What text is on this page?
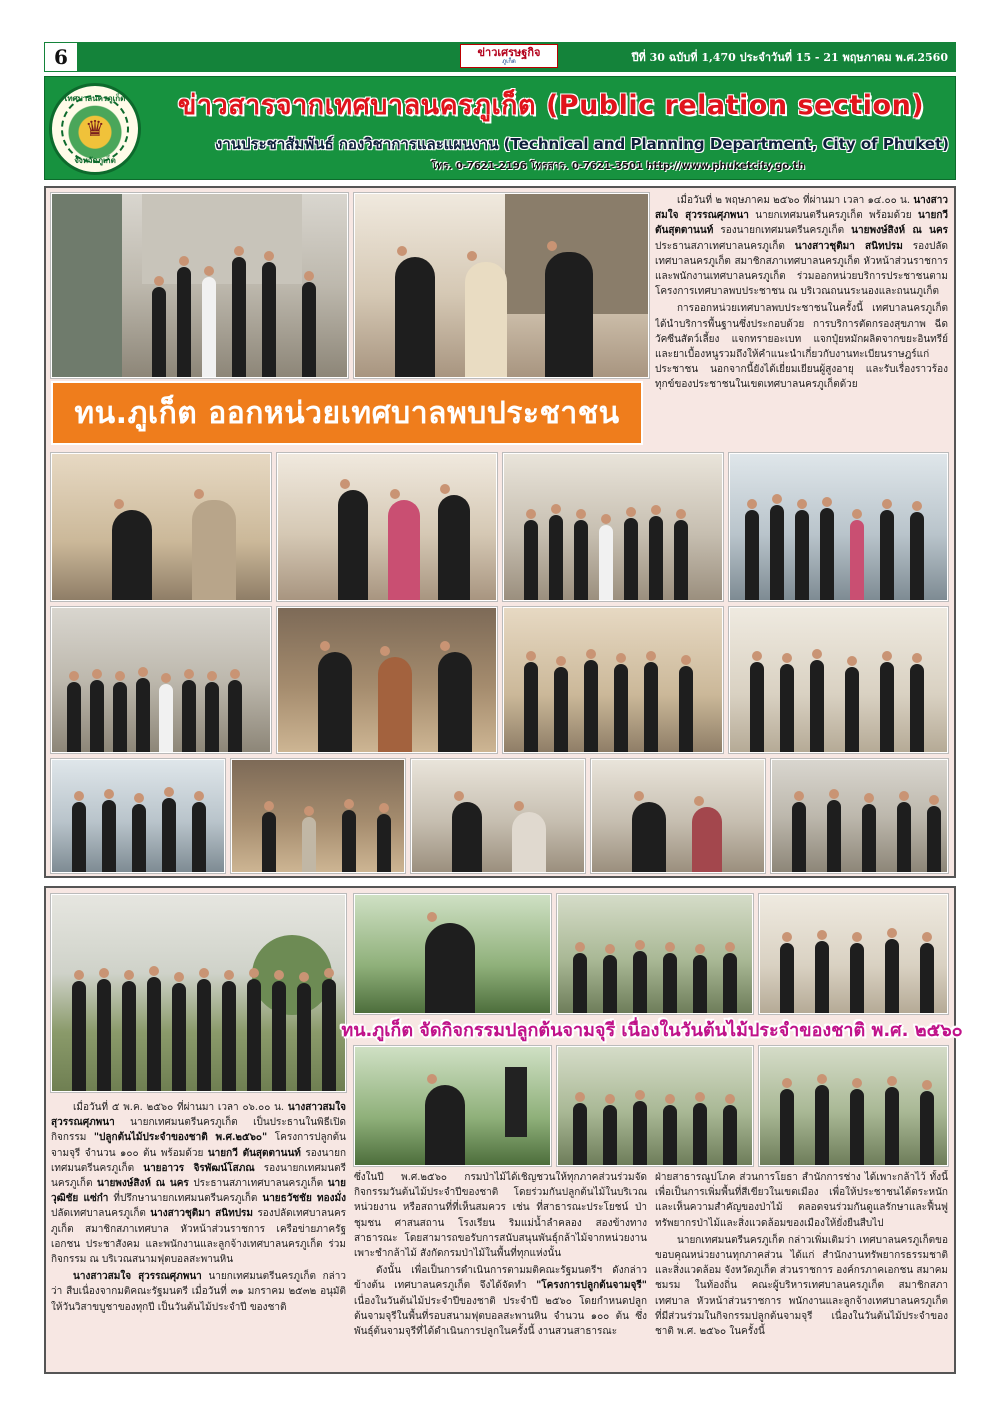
6	ข่าวเศรษฐกิจ
ภูเก็ต	ปีที่ 30 ฉบับที่ 1,470 ประจำวันที่ 15 - 21 พฤษภาคม พ.ศ.2560
เทศบาลนครภูเก็ต
♛
จังหวัดภูเก็ต
ข่าวสารจากเทศบาลนครภูเก็ต (Public relation section)
งานประชาสัมพันธ์ กองวิชาการและแผนงาน (Technical and Planning Department, City of Phuket)
โทร. 0-7621-2196 โทรสาร. 0-7621-3501 http://www.phuketcity.go.th

เมื่อวันที่ ๒ พฤษภาคม ๒๕๖๐ ที่ผ่านมา เวลา ๑๔.๐๐ น. นางสาวสมใจ สุวรรณศุภพนา นายกเทศมนตรีนครภูเก็ต พร้อมด้วย นายกวี ตันสุตตานนท์ รองนายกเทศมนตรีนครภูเก็ต นายพงษ์สิงห์ ณ นคร ประธานสภาเทศบาลนครภูเก็ต นางสาวชุติมา สนิทปรม รองปลัดเทศบาลนครภูเก็ต สมาชิกสภาเทศบาลนครภูเก็ต หัวหน้าส่วนราชการและพนักงานเทศบาลนครภูเก็ต ร่วมออกหน่วยบริการประชาชนตามโครงการเทศบาลพบประชาชน ณ บริเวณถนนระนองและถนนภูเก็ต

การออกหน่วยเทศบาลพบประชาชนในครั้งนี้ เทศบาลนครภูเก็ตได้นำบริการพื้นฐานซึ่งประกอบด้วย การบริการตัดกรองสุขภาพ ฉีดวัคซีนสัตว์เลี้ยง แจกทรายอะเบท แจกปุ๋ยหมักผลิตจากขยะอินทรีย์ และยาเบื้องหนูรวมถึงให้คำแนะนำเกี่ยวกับงานทะเบียนราษฎร์แก่ประชาชน นอกจากนี้ยังได้เยี่ยมเยียนผู้สูงอายุ และรับเรื่องราวร้องทุกข์ของประชาชนในเขตเทศบาลนครภูเก็ตด้วย

ทน.ภูเก็ต ออกหน่วยเทศบาลพบประชาชน
ทน.ภูเก็ต จัดกิจกรรมปลูกต้นจามจุรี เนื่องในวันต้นไม้ประจำของชาติ พ.ศ. ๒๕๖๐

เมื่อวันที่ ๕ พ.ค. ๒๕๖๐ ที่ผ่านมา เวลา ๐๖.๐๐ น. นางสาวสมใจ สุวรรณศุภพนา นายกเทศมนตรีนครภูเก็ต เป็นประธานในพิธีเปิดกิจกรรม "ปลูกต้นไม้ประจำของชาติ พ.ศ.๒๕๖๐" โครงการปลูกต้นจามจุรี จำนวน ๑๐๐ ต้น พร้อมด้วย นายกวี ตันสุตตานนท์ รองนายกเทศมนตรีนครภูเก็ต นายอาวร จิรพัฒน์โสภณ รองนายกเทศมนตรีนครภูเก็ต นายพงษ์สิงห์ ณ นคร ประธานสภาเทศบาลนครภูเก็ต นายวุฒิชัย แซ่ก๋า ที่ปรึกษานายกเทศมนตรีนครภูเก็ต นายธวัชชัย ทองมั่ง ปลัดเทศบาลนครภูเก็ต นางสาวชุติมา สนิทปรม รองปลัดเทศบาลนครภูเก็ต สมาชิกสภาเทศบาล หัวหน้าส่วนราชการ เครือข่ายภาครัฐ เอกชน ประชาสังคม และพนักงานและลูกจ้างเทศบาลนครภูเก็ต ร่วมกิจกรรม ณ บริเวณสนามฟุตบอลสะพานหิน

นางสาวสมใจ สุวรรณศุภพนา นายกเทศมนตรีนครภูเก็ต กล่าวว่า สืบเนื่องจากมติคณะรัฐมนตรี เมื่อวันที่ ๓๑ มกราคม ๒๕๓๒ อนุมัติให้วันวิสาขบูชาของทุกปี เป็นวันต้นไม้ประจำปี ของชาติ

ซึ่งในปี พ.ศ.๒๕๖๐ กรมป่าไม้ได้เชิญชวนให้ทุกภาคส่วนร่วมจัดกิจกรรมวันต้นไม้ประจำปีของชาติ โดยร่วมกันปลูกต้นไม้ในบริเวณหน่วยงาน หรือสถานที่ที่เห็นสมควร เช่น ที่สาธารณะประโยชน์ ป่าชุมชน ศาสนสถาน โรงเรียน ริมแม่น้ำลำคลอง สองข้างทางสาธารณะ โดยสามารถขอรับการสนับสนุนพันธุ์กล้าไม้จากหน่วยงานเพาะชำกล้าไม้ สังกัดกรมป่าไม้ในพื้นที่ทุกแห่งนั้น

ดังนั้น เพื่อเป็นการดำเนินการตามมติคณะรัฐมนตรีฯ ดังกล่าวข้างต้น เทศบาลนครภูเก็ต จึงได้จัดทำ "โครงการปลูกต้นจามจุรี" เนื่องในวันต้นไม้ประจำปีของชาติ ประจำปี ๒๕๖๐ โดยกำหนดปลูกต้นจามจุรีในพื้นที่รอบสนามฟุตบอลสะพานหิน จำนวน ๑๐๐ ต้น ซึ่งพันธุ์ต้นจามจุรีที่ได้ดำเนินการปลูกในครั้งนี้ งานสวนสาธารณะ

ฝ่ายสาธารณูปโภค ส่วนการโยธา สำนักการช่าง ได้เพาะกล้าไว้ ทั้งนี้เพื่อเป็นการเพิ่มพื้นที่สีเขียวในเขตเมือง เพื่อให้ประชาชนได้ตระหนักและเห็นความสำคัญของป่าไม้ ตลอดจนร่วมกันดูแลรักษาและฟื้นฟูทรัพยากรป่าไม้และสิ่งแวดล้อมของเมืองให้ยั่งยืนสืบไป

นายกเทศมนตรีนครภูเก็ต กล่าวเพิ่มเติมว่า เทศบาลนครภูเก็ตขอขอบคุณหน่วยงานทุกภาคส่วน ได้แก่ สำนักงานทรัพยากรธรรมชาติและสิ่งแวดล้อม จังหวัดภูเก็ต ส่วนราชการ องค์กรภาคเอกชน สมาคม ชมรม ในท้องถิ่น คณะผู้บริหารเทศบาลนครภูเก็ต สมาชิกสภาเทศบาล หัวหน้าส่วนราชการ พนักงานและลูกจ้างเทศบาลนครภูเก็ต ที่มีส่วนร่วมในกิจกรรมปลูกต้นจามจุรี เนื่องในวันต้นไม้ประจำของชาติ พ.ศ. ๒๕๖๐ ในครั้งนี้
